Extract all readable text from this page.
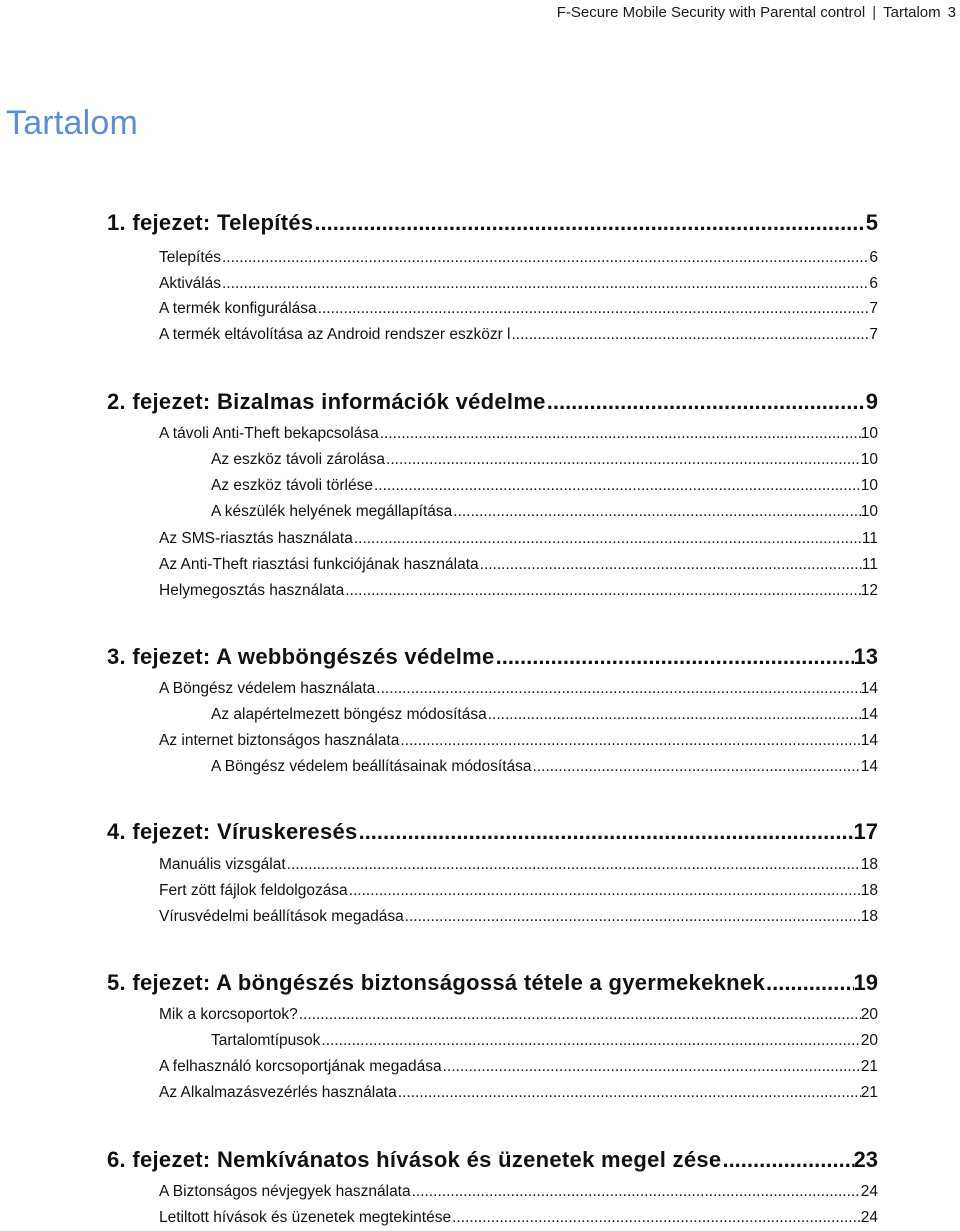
F-Secure Mobile Security with Parental control | Tartalom 3
Tartalom
1. fejezet: Telepítés .....	5
Telepítés .....	6
Aktiválás .....	6
A termék konfigurálása .....	7
A termék eltávolítása az Android rendszer eszközr l .....	7
2. fejezet: Bizalmas információk védelme .....	9
A távoli Anti-Theft bekapcsolása .....	10
Az eszköz távoli zárolása .....	10
Az eszköz távoli törlése .....	10
A készülék helyének megállapítása .....	10
Az SMS-riasztás használata .....	11
Az Anti-Theft riasztási funkciójának használata .....	11
Helymegosztás használata .....	12
3. fejezet: A webböngészés védelme .....	13
A Böngész védelem használata .....	14
Az alapértelmezett böngész módosítása .....	14
Az internet biztonságos használata .....	14
A Böngész védelem beállításainak módosítása .....	14
4. fejezet: Víruskeresés .....	17
Manuális vizsgálat .....	18
Fert zött fájlok feldolgozása .....	18
Vírusvédelmi beállítások megadása .....	18
5. fejezet: A böngészés biztonságossá tétele a gyermekeknek .....	19
Mik a korcsoportok? .....	20
Tartalomtípusok .....	20
A felhasználó korcsoportjának megadása .....	21
Az Alkalmazásvezérlés használata .....	21
6. fejezet: Nemkívánatos hívások és üzenetek megel zése .....	23
A Biztonságos névjegyek használata .....	24
Letiltott hívások és üzenetek megtekintése .....	24
